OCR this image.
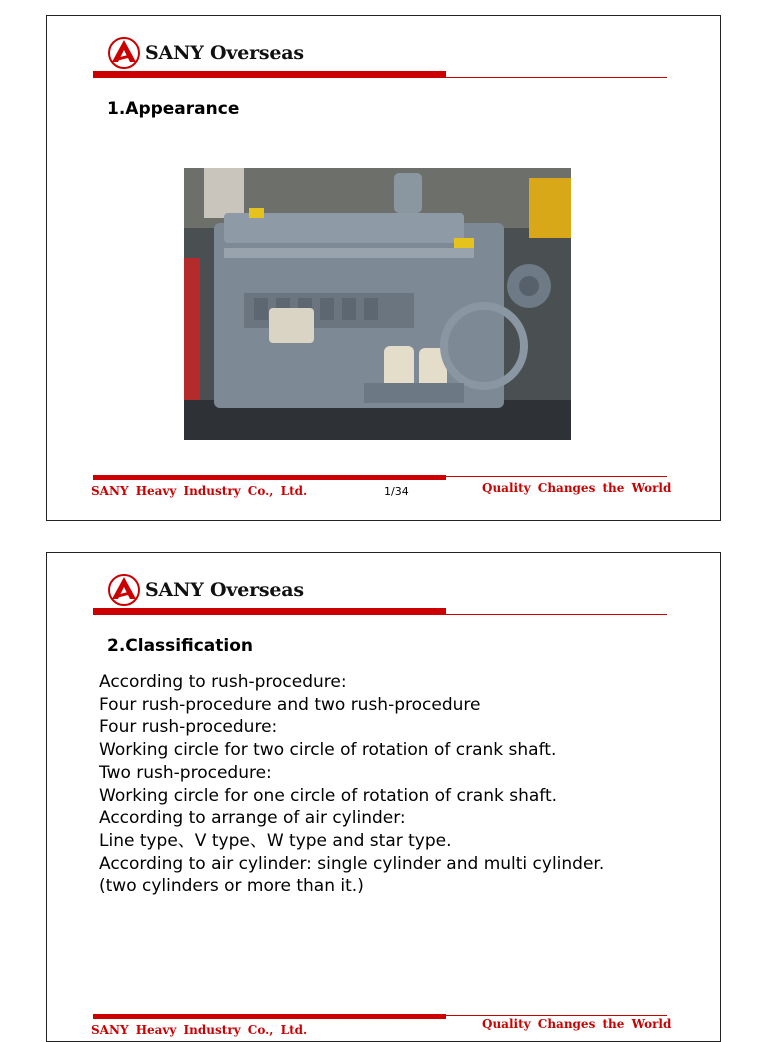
SANY Overseas
1.Appearance
SANY Heavy Industry Co., Ltd.	1/34	Quality Changes the World
SANY Overseas
2.Classification
According to rush-procedure:
Four rush-procedure and two rush-procedure
Four rush-procedure:
Working circle for two circle of rotation of crank shaft.
Two rush-procedure:
Working circle for one circle of rotation of crank shaft.
According to arrange of air cylinder:
Line type、V type、W type and star type.
According to air cylinder: single cylinder and multi cylinder.
(two cylinders or more than it.)
SANY Heavy Industry Co., Ltd.	Quality Changes the World
